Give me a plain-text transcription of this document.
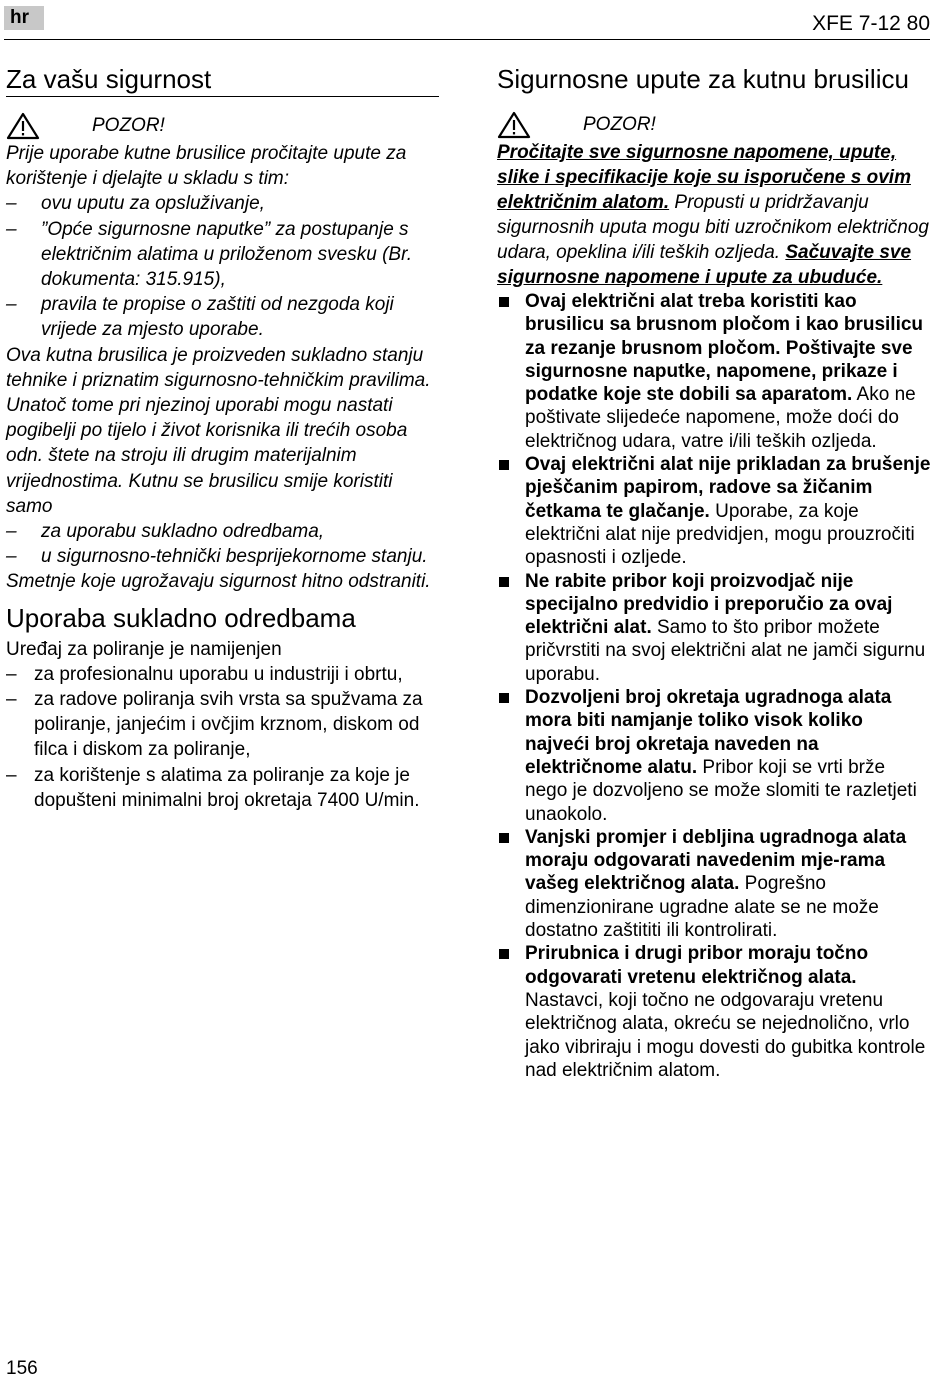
hr	XFE 7-12 80
Za vašu sigurnost
POZOR!

Prije uporabe kutne brusilice pročitajte upute za korištenje i djelajte u skladu s tim:

– ovu uputu za opsluživanje,
– ”Opće sigurnosne naputke” za postupanje s električnim alatima u priloženom svesku (Br. dokumenta: 315.915),
– pravila te propise o zaštiti od nezgoda koji vrijede za mjesto uporabe.

Ova kutna brusilica je proizveden sukladno stanju tehnike i priznatim sigurnosno-tehničkim pravilima. Unatoč tome pri njezinoj uporabi mogu nastati pogibelji po tijelo i život korisnika ili trećih osoba odn. štete na stroju ili drugim materijalnim vrijednostima. Kutnu se brusilicu smije koristiti samo

– za uporabu sukladno odredbama,
– u sigurnosno-tehnički besprijekornome stanju.

Smetnje koje ugrožavaju sigurnost hitno odstraniti.

Uporaba sukladno odredbama

Uređaj za poliranje je namijenjen

– za profesionalnu uporabu u industriji i obrtu,
– za radove poliranja svih vrsta sa spužvama za poliranje, janjećim i ovčjim krznom, diskom od filca i diskom za poliranje,
– za korištenje s alatima za poliranje za koje je dopušteni minimalni broj okretaja 7400 U/min.
Sigurnosne upute za kutnu brusilicu
POZOR!

Pročitajte sve sigurnosne napomene, upute, slike i specifikacije koje su isporučene s ovim električnim alatom. Propusti u pridržavanju sigurnosnih uputa mogu biti uzročnikom električnog udara, opeklina i/ili teških ozljeda. Sačuvajte sve sigurnosne napomene i upute za ubuduće.

Ovaj električni alat treba koristiti kao brusilicu sa brusnom pločom i kao brusilicu za rezanje brusnom pločom. Poštivajte sve sigurnosne naputke, napomene, prikaze i podatke koje ste dobili sa aparatom. Ako ne poštivate slijedeće napomene, može doći do električnog udara, vatre i/ili teških ozljeda.
Ovaj električni alat nije prikladan za brušenje pješčanim papirom, radove sa žičanim četkama te glačanje. Uporabe, za koje električni alat nije predvidjen, mogu prouzročiti opasnosti i ozljede.
Ne rabite pribor koji proizvodjač nije specijalno predvidio i preporučio za ovaj električni alat. Samo to što pribor možete pričvrstiti na svoj električni alat ne jamči sigurnu uporabu.
Dozvoljeni broj okretaja ugradnoga alata mora biti namjanje toliko visok koliko najveći broj okretaja naveden na električnome alatu. Pribor koji se vrti brže nego je dozvoljeno se može slomiti te razletjeti unaokolo.
Vanjski promjer i debljina ugradnoga alata moraju odgovarati navedenim mje-rama vašeg električnog alata. Pogrešno dimenzionirane ugradne alate se ne može dostatno zaštititi ili kontrolirati.
Prirubnica i drugi pribor moraju točno odgovarati vretenu električnog alata. Nastavci, koji točno ne odgovaraju vretenu električnog alata, okreću se nejednolično, vrlo jako vibriraju i mogu dovesti do gubitka kontrole nad električnim alatom.
156
